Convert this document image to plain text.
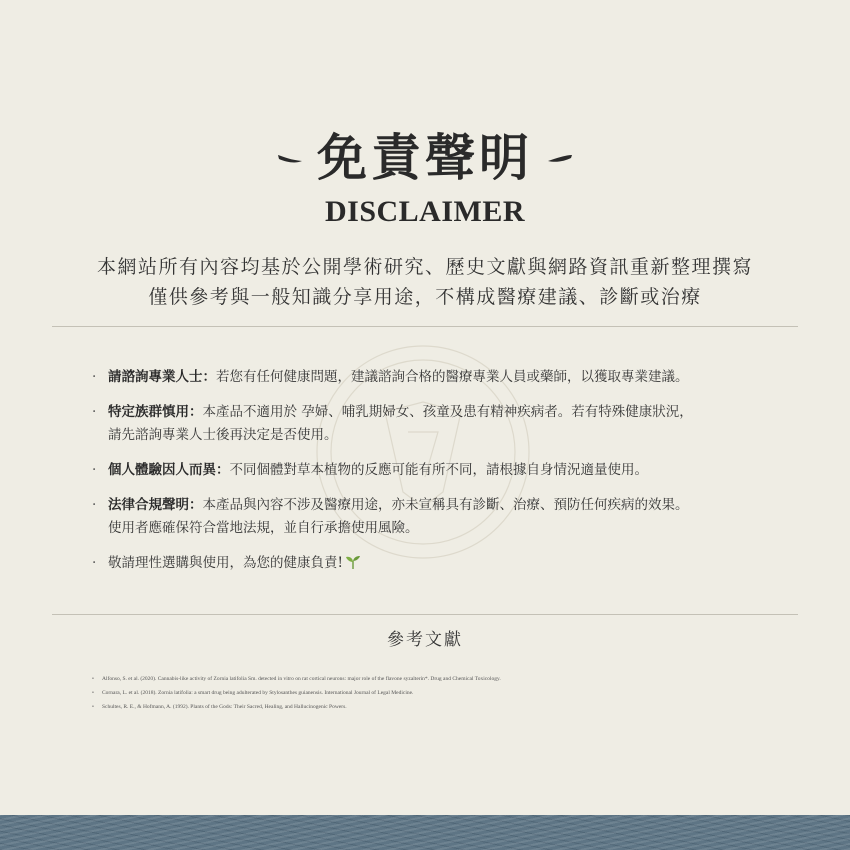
免責聲明
DISCLAIMER
本網站所有內容均基於公開學術研究、歷史文獻與網路資訊重新整理撰寫
僅供參考與一般知識分享用途，不構成醫療建議、診斷或治療
· 請諮詢專業人士：若您有任何健康問題，建議諮詢合格的醫療專業人員或藥師，以獲取專業建議。
· 特定族群慎用：本產品不適用於 孕婦、哺乳期婦女、孩童及患有精神疾病者。若有特殊健康狀況，
請先諮詢專業人士後再決定是否使用。
· 個人體驗因人而異：不同個體對草本植物的反應可能有所不同，請根據自身情況適量使用。
· 法律合規聲明：本產品與內容不涉及醫療用途，亦未宣稱具有診斷、治療、預防任何疾病的效果。
使用者應確保符合當地法規，並自行承擔使用風險。
· 敬請理性選購與使用，為您的健康負責!
參考文獻
• Alfonso, S. et al. (2020). Cannabis-like activity of Zornia latifolia Sm. detected in vitro on rat cortical neurons: major role of the flavone syzalterin*. Drug and Chemical Toxicology.
• Cornara, L. et al. (2018). Zornia latifolia: a smart drug being adulterated by Stylosanthes guianensis. International Journal of Legal Medicine.
• Schultes, R. E., & Hofmann, A. (1992). Plants of the Gods: Their Sacred, Healing, and Hallucinogenic Powers.
